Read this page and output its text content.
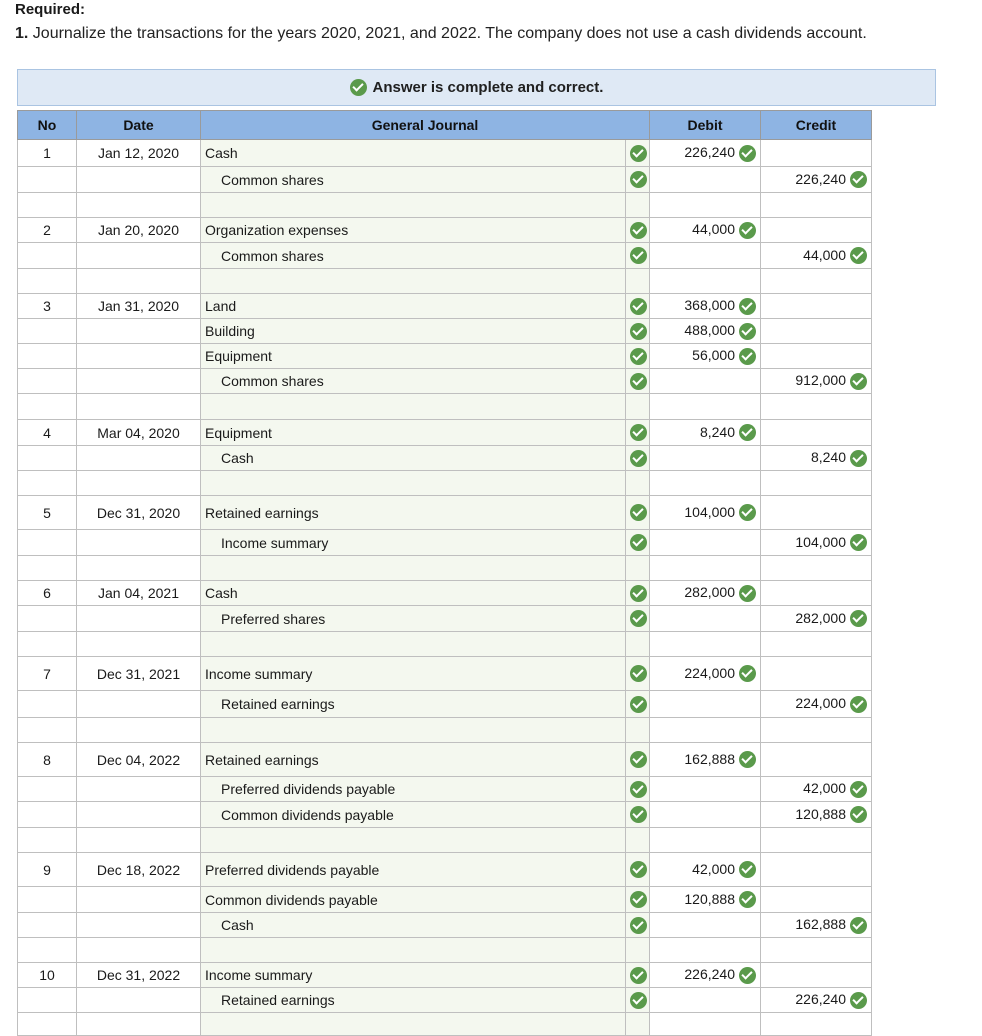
Required:
1. Journalize the transactions for the years 2020, 2021, and 2022. The company does not use a cash dividends account.
Answer is complete and correct.
No	Date	General Journal		Debit	Credit
1	Jan 12, 2020	Cash		226,240	
		Common shares			226,240

2	Jan 20, 2020	Organization expenses		44,000	
		Common shares			44,000

3	Jan 31, 2020	Land		368,000	
		Building		488,000	
		Equipment		56,000	
		Common shares			912,000

4	Mar 04, 2020	Equipment		8,240	
		Cash			8,240

5	Dec 31, 2020	Retained earnings		104,000	
		Income summary			104,000

6	Jan 04, 2021	Cash		282,000	
		Preferred shares			282,000

7	Dec 31, 2021	Income summary		224,000	
		Retained earnings			224,000

8	Dec 04, 2022	Retained earnings		162,888	
		Preferred dividends payable			42,000
		Common dividends payable			120,888

9	Dec 18, 2022	Preferred dividends payable		42,000	
		Common dividends payable		120,888	
		Cash			162,888

10	Dec 31, 2022	Income summary		226,240	
		Retained earnings			226,240
